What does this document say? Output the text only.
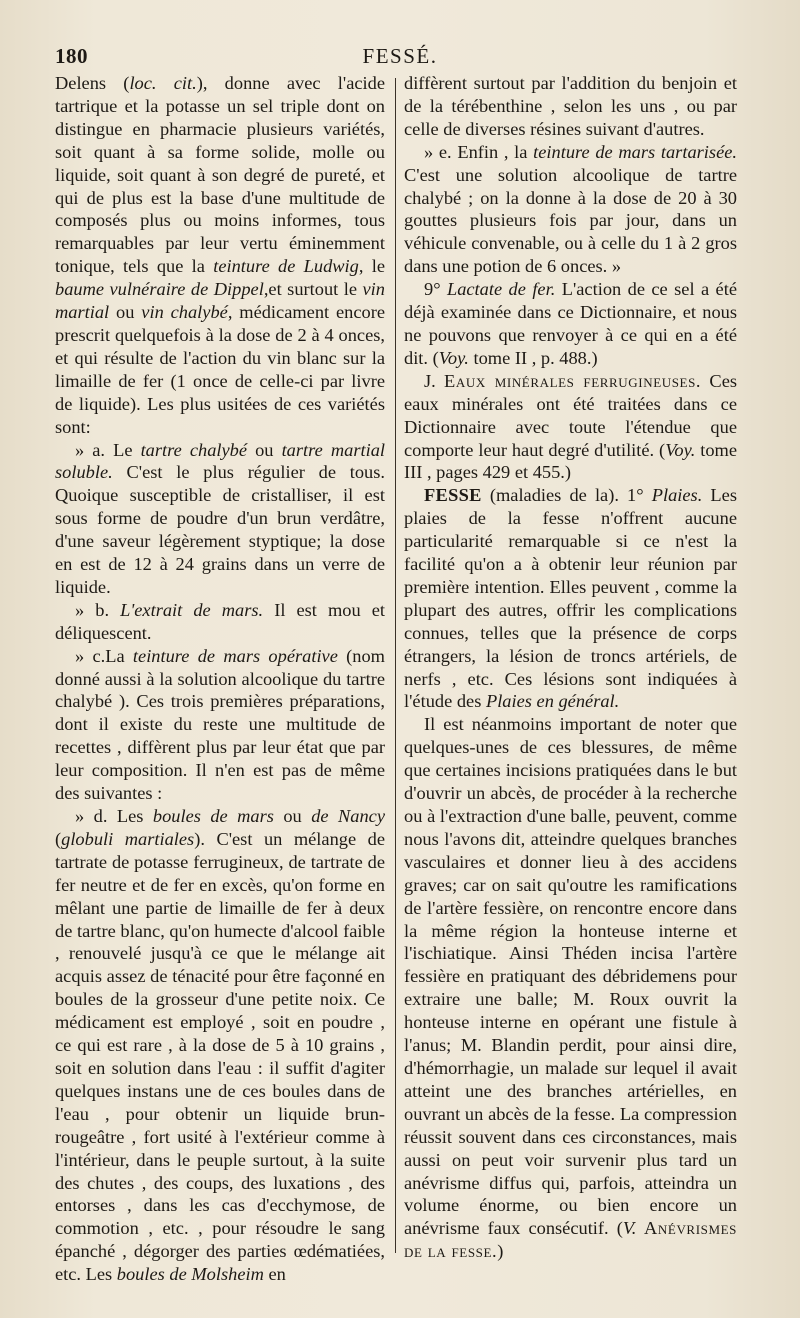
180	FESSÉ.

Delens (loc. cit.), donne avec l'acide tartrique et la potasse un sel triple dont on distingue en pharmacie plusieurs variétés, soit quant à sa forme solide, molle ou liquide, soit quant à son degré de pureté, et qui de plus est la base d'une multitude de composés plus ou moins informes, tous remarquables par leur vertu éminemment tonique, tels que la teinture de Ludwig, le baume vulnéraire de Dippel,et surtout le vin martial ou vin chalybé, médicament encore prescrit quelquefois à la dose de 2 à 4 onces, et qui résulte de l'action du vin blanc sur la limaille de fer (1 once de celle-ci par livre de liquide). Les plus usitées de ces variétés sont:

» a. Le tartre chalybé ou tartre martial soluble. C'est le plus régulier de tous. Quoique susceptible de cristalliser, il est sous forme de poudre d'un brun verdâtre, d'une saveur légèrement styptique; la dose en est de 12 à 24 grains dans un verre de liquide.

» b. L'extrait de mars. Il est mou et déliquescent.

» c.La teinture de mars opérative (nom donné aussi à la solution alcoolique du tartre chalybé ). Ces trois premières préparations, dont il existe du reste une multitude de recettes , diffèrent plus par leur état que par leur composition. Il n'en est pas de même des suivantes :

» d. Les boules de mars ou de Nancy (globuli martiales). C'est un mélange de tartrate de potasse ferrugineux, de tartrate de fer neutre et de fer en excès, qu'on forme en mêlant une partie de limaille de fer à deux de tartre blanc, qu'on humecte d'alcool faible , renouvelé jusqu'à ce que le mélange ait acquis assez de ténacité pour être façonné en boules de la grosseur d'une petite noix. Ce médicament est employé , soit en poudre , ce qui est rare , à la dose de 5 à 10 grains , soit en solution dans l'eau : il suffit d'agiter quelques instans une de ces boules dans de l'eau , pour obtenir un liquide brun-rougeâtre , fort usité à l'extérieur comme à l'intérieur, dans le peuple surtout, à la suite des chutes , des coups, des luxations , des entorses , dans les cas d'ecchymose, de commotion , etc. , pour résoudre le sang épanché , dégorger des parties œdématiées, etc. Les boules de Molsheim en

diffèrent surtout par l'addition du benjoin et de la térébenthine , selon les uns , ou par celle de diverses résines suivant d'autres.

» e. Enfin , la teinture de mars tartarisée. C'est une solution alcoolique de tartre chalybé ; on la donne à la dose de 20 à 30 gouttes plusieurs fois par jour, dans un véhicule convenable, ou à celle du 1 à 2 gros dans une potion de 6 onces. »

9° Lactate de fer. L'action de ce sel a été déjà examinée dans ce Dictionnaire, et nous ne pouvons que renvoyer à ce qui en a été dit. (Voy. tome II , p. 488.)

J. Eaux minérales ferrugineuses. Ces eaux minérales ont été traitées dans ce Dictionnaire avec toute l'étendue que comporte leur haut degré d'utilité. (Voy. tome III , pages 429 et 455.)

FESSE (maladies de la). 1° Plaies. Les plaies de la fesse n'offrent aucune particularité remarquable si ce n'est la facilité qu'on a à obtenir leur réunion par première intention. Elles peuvent , comme la plupart des autres, offrir les complications connues, telles que la présence de corps étrangers, la lésion de troncs artériels, de nerfs , etc. Ces lésions sont indiquées à l'étude des Plaies en général.

Il est néanmoins important de noter que quelques-unes de ces blessures, de même que certaines incisions pratiquées dans le but d'ouvrir un abcès, de procéder à la recherche ou à l'extraction d'une balle, peuvent, comme nous l'avons dit, atteindre quelques branches vasculaires et donner lieu à des accidens graves; car on sait qu'outre les ramifications de l'artère fessière, on rencontre encore dans la même région la honteuse interne et l'ischiatique. Ainsi Théden incisa l'artère fessière en pratiquant des débridemens pour extraire une balle; M. Roux ouvrit la honteuse interne en opérant une fistule à l'anus; M. Blandin perdit, pour ainsi dire, d'hémorrhagie, un malade sur lequel il avait atteint une des branches artérielles, en ouvrant un abcès de la fesse. La compression réussit souvent dans ces circonstances, mais aussi on peut voir survenir plus tard un anévrisme diffus qui, parfois, atteindra un volume énorme, ou bien encore un anévrisme faux consécutif. (V. Anévrismes de la fesse.)
